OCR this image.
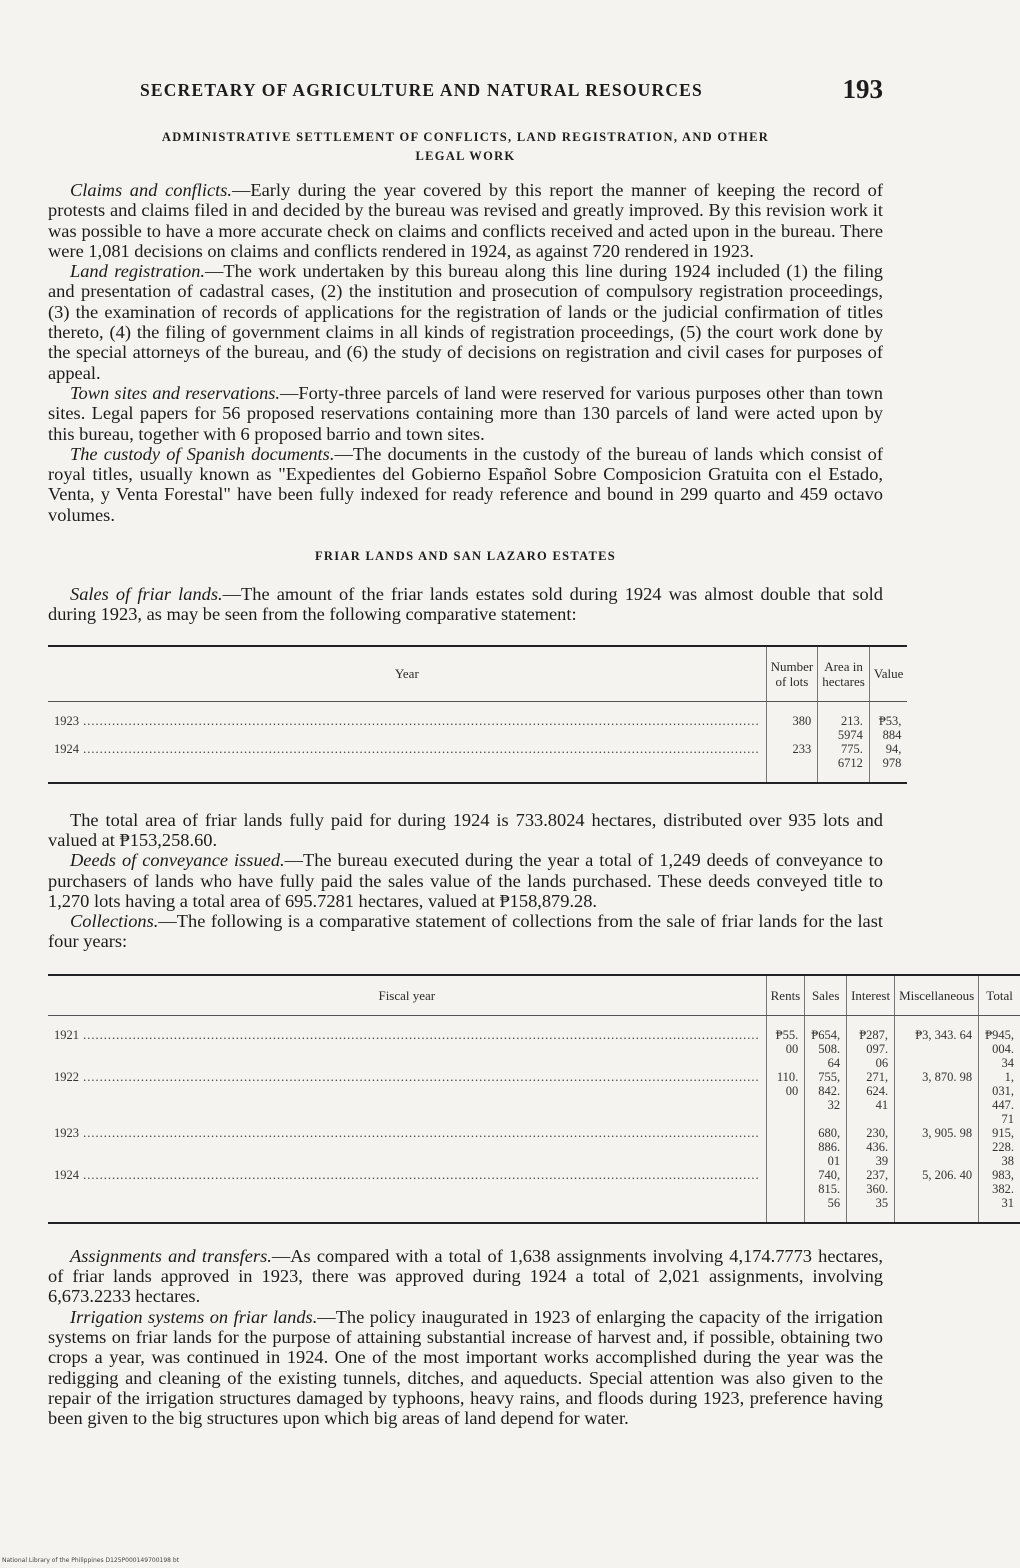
SECRETARY OF AGRICULTURE AND NATURAL RESOURCES	193
ADMINISTRATIVE SETTLEMENT OF CONFLICTS, LAND REGISTRATION, AND OTHER
LEGAL WORK

Claims and conflicts.—Early during the year covered by this report the manner of keeping the record of protests and claims filed in and decided by the bureau was revised and greatly improved. By this revision work it was possible to have a more accurate check on claims and conflicts received and acted upon in the bureau. There were 1,081 decisions on claims and conflicts rendered in 1924, as against 720 rendered in 1923.

Land registration.—The work undertaken by this bureau along this line during 1924 included (1) the filing and presentation of cadastral cases, (2) the institution and prosecution of compulsory registration proceedings, (3) the examination of records of applications for the registration of lands or the judicial confirmation of titles thereto, (4) the filing of government claims in all kinds of registration proceedings, (5) the court work done by the special attorneys of the bureau, and (6) the study of decisions on registration and civil cases for purposes of appeal.

Town sites and reservations.—Forty-three parcels of land were reserved for various purposes other than town sites. Legal papers for 56 proposed reservations containing more than 130 parcels of land were acted upon by this bureau, together with 6 proposed barrio and town sites.

The custody of Spanish documents.—The documents in the custody of the bureau of lands which consist of royal titles, usually known as "Expedientes del Gobierno Español Sobre Composicion Gratuita con el Estado, Venta, y Venta Forestal" have been fully indexed for ready reference and bound in 299 quarto and 459 octavo volumes.

FRIAR LANDS AND SAN LAZARO ESTATES

Sales of friar lands.—The amount of the friar lands estates sold during 1924 was almost double that sold during 1923, as may be seen from the following comparative statement:

Year	Number of lots	Area in hectares	Value
1923 .....	380	213. 5974	₱53, 884
1924 .....	233	775. 6712	94, 978

The total area of friar lands fully paid for during 1924 is 733.8024 hectares, distributed over 935 lots and valued at ₱153,258.60.

Deeds of conveyance issued.—The bureau executed during the year a total of 1,249 deeds of conveyance to purchasers of lands who have fully paid the sales value of the lands purchased. These deeds conveyed title to 1,270 lots having a total area of 695.7281 hectares, valued at ₱158,879.28.

Collections.—The following is a comparative statement of collections from the sale of friar lands for the last four years:

Fiscal year	Rents	Sales	Interest	Miscellaneous	Total
1921 .....	₱55. 00	₱654, 508. 64	₱287, 097. 06	₱3, 343. 64	₱945, 004. 34
1922 .....	110. 00	755, 842. 32	271, 624. 41	3, 870. 98	1, 031, 447. 71
1923 .....		680, 886. 01	230, 436. 39	3, 905. 98	915, 228. 38
1924 .....		740, 815. 56	237, 360. 35	5, 206. 40	983, 382. 31

Assignments and transfers.—As compared with a total of 1,638 assignments involving 4,174.7773 hectares, of friar lands approved in 1923, there was approved during 1924 a total of 2,021 assignments, involving 6,673.2233 hectares.

Irrigation systems on friar lands.—The policy inaugurated in 1923 of enlarging the capacity of the irrigation systems on friar lands for the purpose of attaining substantial increase of harvest and, if possible, obtaining two crops a year, was continued in 1924. One of the most important works accomplished during the year was the redigging and cleaning of the existing tunnels, ditches, and aqueducts. Special attention was also given to the repair of the irrigation structures damaged by typhoons, heavy rains, and floods during 1923, preference having been given to the big structures upon which big areas of land depend for water.

National Library of the Philippines D125P000149700198 bt
